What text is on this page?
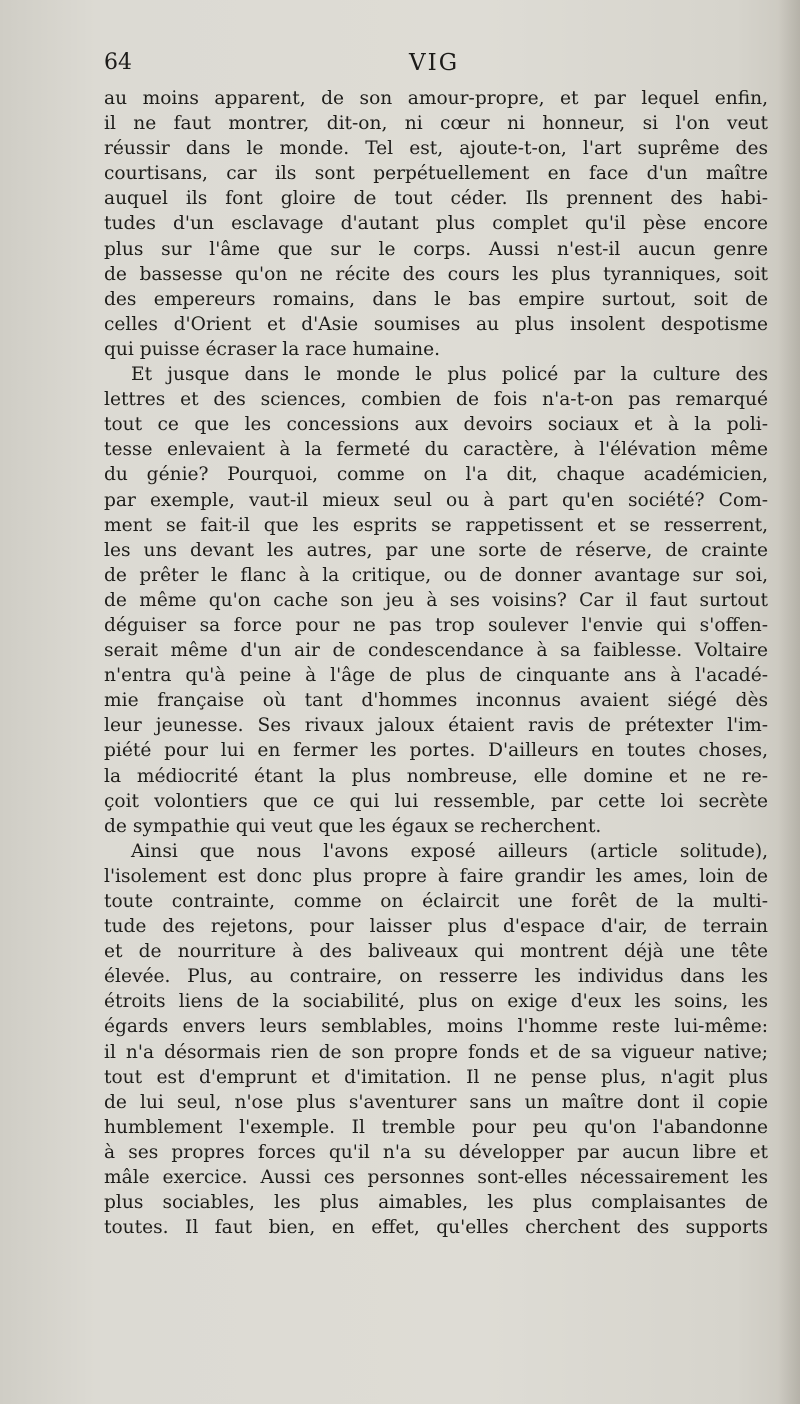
64	VIG
au moins apparent, de son amour-propre, et par lequel enfin,
il ne faut montrer, dit-on, ni cœur ni honneur, si l'on veut
réussir dans le monde. Tel est, ajoute-t-on, l'art suprême des
courtisans, car ils sont perpétuellement en face d'un maître
auquel ils font gloire de tout céder. Ils prennent des habi-
tudes d'un esclavage d'autant plus complet qu'il pèse encore
plus sur l'âme que sur le corps. Aussi n'est-il aucun genre
de bassesse qu'on ne récite des cours les plus tyranniques, soit
des empereurs romains, dans le bas empire surtout, soit de
celles d'Orient et d'Asie soumises au plus insolent despotisme
qui puisse écraser la race humaine.
Et jusque dans le monde le plus policé par la culture des
lettres et des sciences, combien de fois n'a-t-on pas remarqué
tout ce que les concessions aux devoirs sociaux et à la poli-
tesse enlevaient à la fermeté du caractère, à l'élévation même
du génie? Pourquoi, comme on l'a dit, chaque académicien,
par exemple, vaut-il mieux seul ou à part qu'en société? Com-
ment se fait-il que les esprits se rappetissent et se resserrent,
les uns devant les autres, par une sorte de réserve, de crainte
de prêter le flanc à la critique, ou de donner avantage sur soi,
de même qu'on cache son jeu à ses voisins? Car il faut surtout
déguiser sa force pour ne pas trop soulever l'envie qui s'offen-
serait même d'un air de condescendance à sa faiblesse. Voltaire
n'entra qu'à peine à l'âge de plus de cinquante ans à l'acadé-
mie française où tant d'hommes inconnus avaient siégé dès
leur jeunesse. Ses rivaux jaloux étaient ravis de prétexter l'im-
piété pour lui en fermer les portes. D'ailleurs en toutes choses,
la médiocrité étant la plus nombreuse, elle domine et ne re-
çoit volontiers que ce qui lui ressemble, par cette loi secrète
de sympathie qui veut que les égaux se recherchent.
Ainsi que nous l'avons exposé ailleurs (article solitude),
l'isolement est donc plus propre à faire grandir les ames, loin de
toute contrainte, comme on éclaircit une forêt de la multi-
tude des rejetons, pour laisser plus d'espace d'air, de terrain
et de nourriture à des baliveaux qui montrent déjà une tête
élevée. Plus, au contraire, on resserre les individus dans les
étroits liens de la sociabilité, plus on exige d'eux les soins, les
égards envers leurs semblables, moins l'homme reste lui-même:
il n'a désormais rien de son propre fonds et de sa vigueur native;
tout est d'emprunt et d'imitation. Il ne pense plus, n'agit plus
de lui seul, n'ose plus s'aventurer sans un maître dont il copie
humblement l'exemple. Il tremble pour peu qu'on l'abandonne
à ses propres forces qu'il n'a su développer par aucun libre et
mâle exercice. Aussi ces personnes sont-elles nécessairement les
plus sociables, les plus aimables, les plus complaisantes de
toutes. Il faut bien, en effet, qu'elles cherchent des supports
